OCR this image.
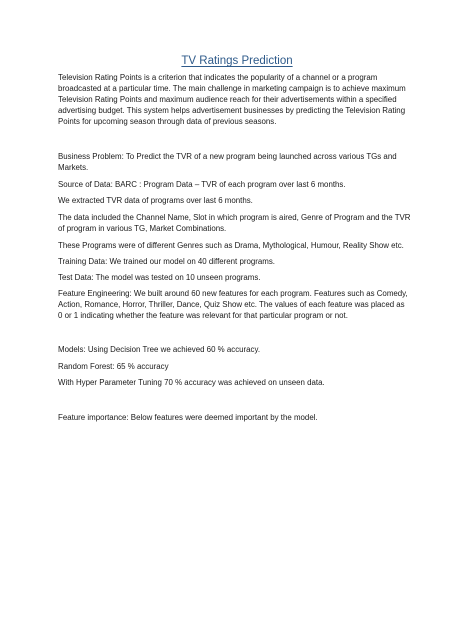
TV Ratings Prediction

Television Rating Points is a criterion that indicates the popularity of a channel or a program
broadcasted at a particular time. The main challenge in marketing campaign is to achieve maximum
Television Rating Points and maximum audience reach for their advertisements within a specified
advertising budget. This system helps advertisement businesses by predicting the Television Rating
Points for upcoming season through data of previous seasons.

Business Problem: To Predict the TVR of a new program being launched across various TGs and
Markets.

Source of Data: BARC : Program Data – TVR of each program over last 6 months.

We extracted TVR data of programs over last 6 months.

The data included the Channel Name, Slot in which program is aired, Genre of Program and the TVR
of program in various TG, Market Combinations.

These Programs were of different Genres such as Drama, Mythological, Humour, Reality Show etc.

Training Data: We trained our model on 40 different programs.

Test Data: The model was tested on 10 unseen programs.

Feature Engineering: We built around 60 new features for each program. Features such as Comedy,
Action, Romance, Horror, Thriller, Dance, Quiz Show etc. The values of each feature was placed as
0 or 1 indicating whether the feature was relevant for that particular program or not.

Models: Using Decision Tree we achieved 60 % accuracy.

Random Forest: 65 % accuracy

With Hyper Parameter Tuning 70 % accuracy was achieved on unseen data.

Feature importance: Below features were deemed important by the model.
